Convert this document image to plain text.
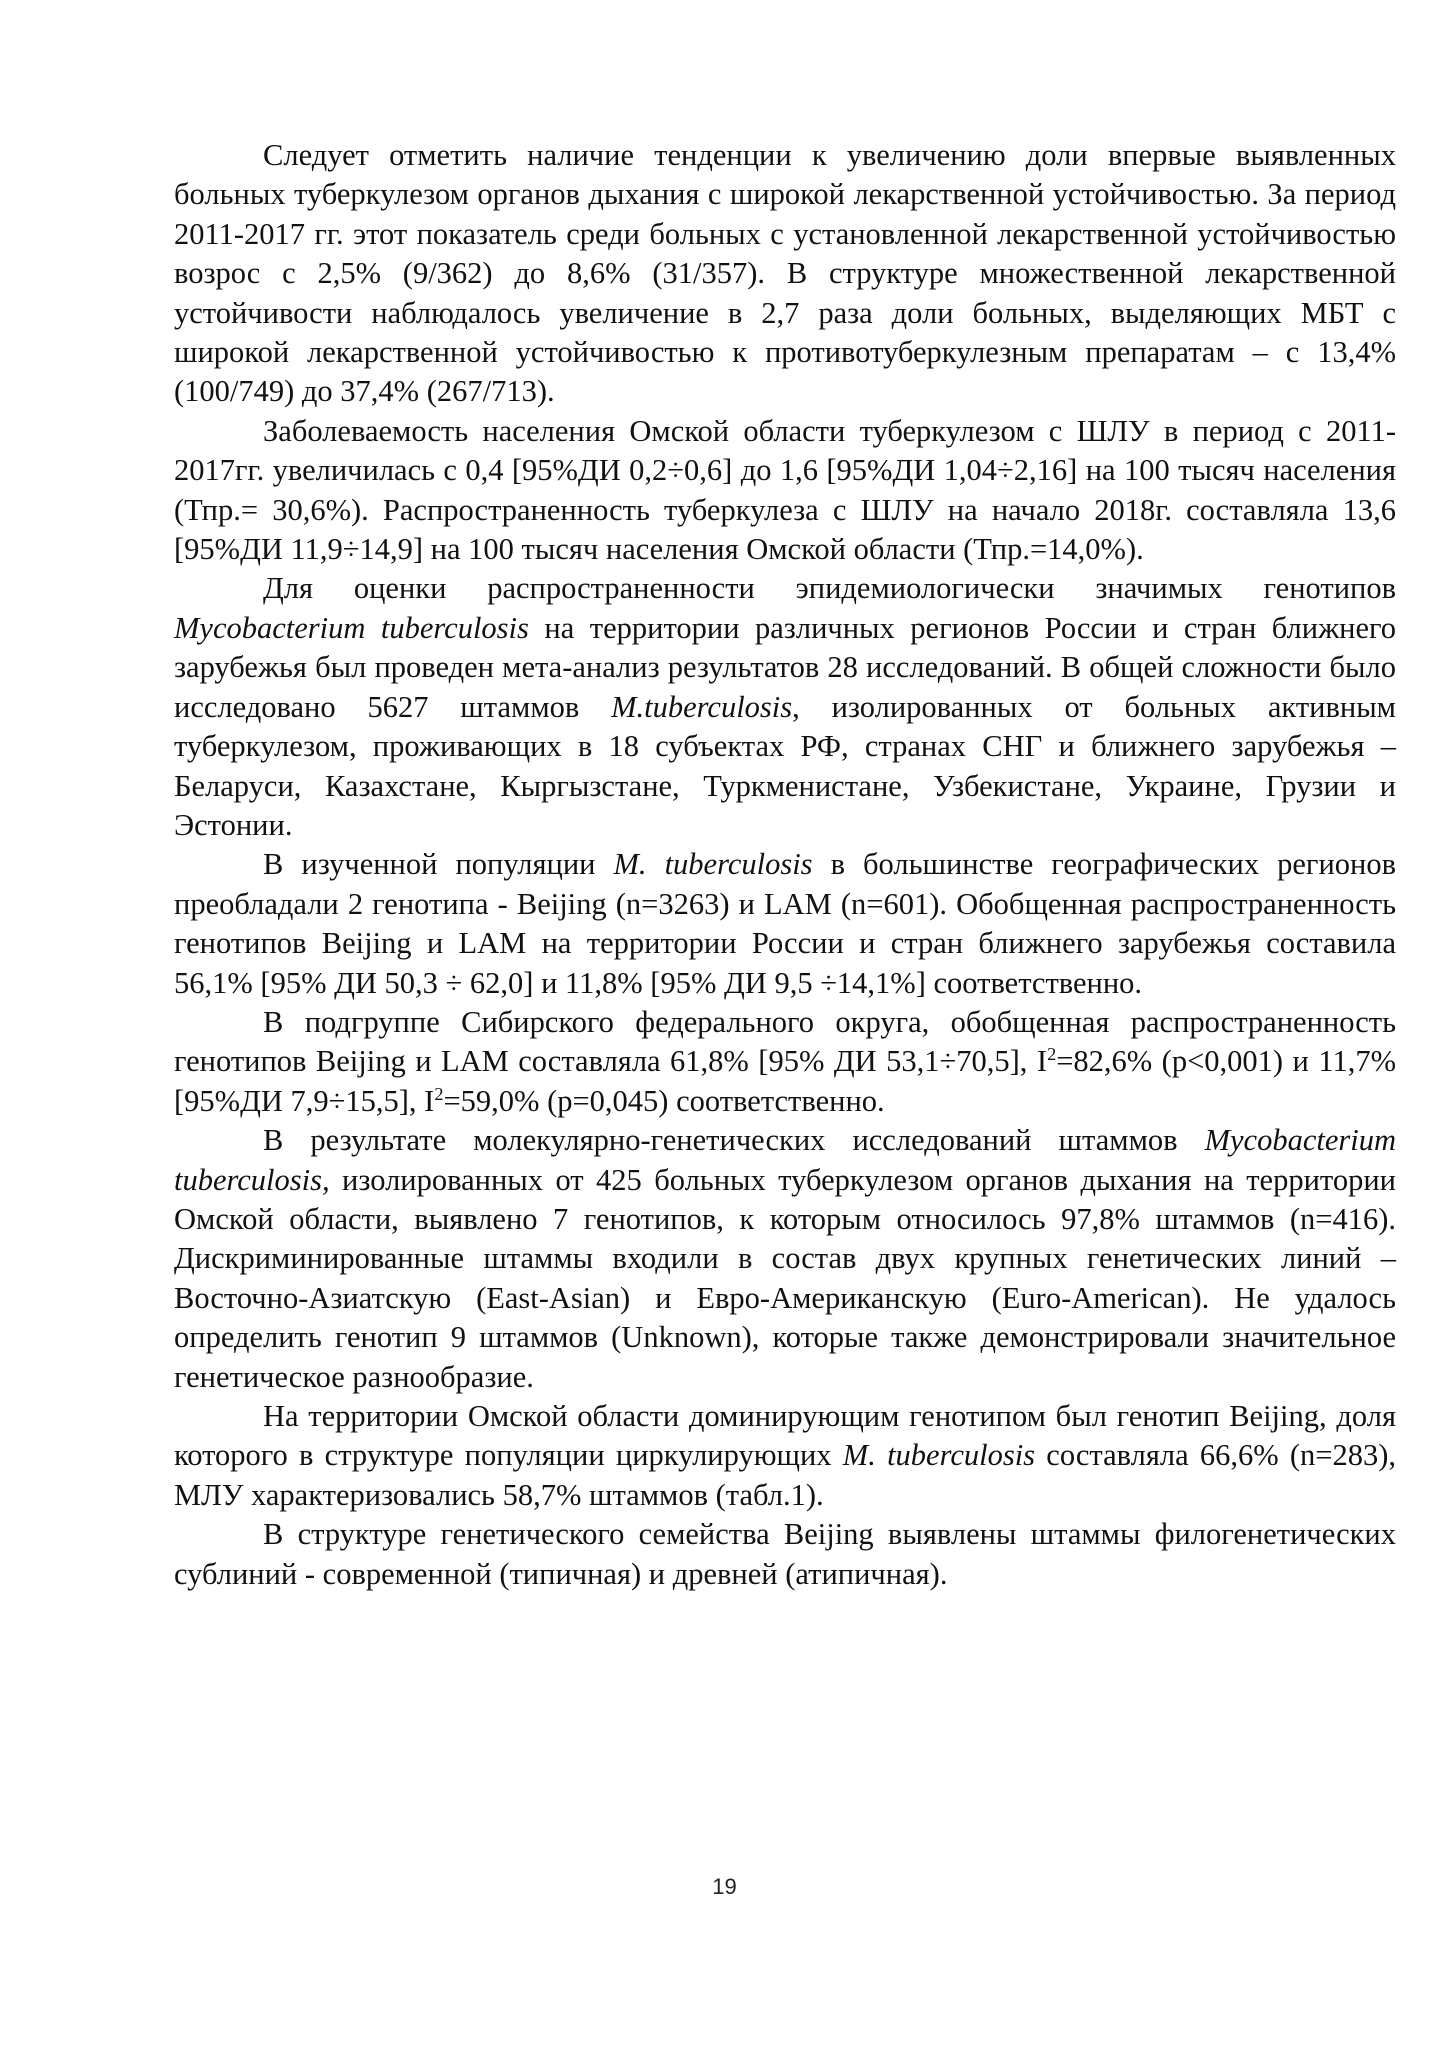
Следует отметить наличие тенденции к увеличению доли впервые выявленных больных туберкулезом органов дыхания с широкой лекарственной устойчивостью. За период 2011-2017 гг. этот показатель среди больных с установленной лекарственной устойчивостью возрос с 2,5% (9/362) до 8,6% (31/357). В структуре множественной лекарственной устойчивости наблюдалось увеличение в 2,7 раза доли больных, выделяющих МБТ с широкой лекарственной устойчивостью к противотуберкулезным препаратам – с 13,4% (100/749) до 37,4% (267/713).

Заболеваемость населения Омской области туберкулезом с ШЛУ в период с 2011-2017гг. увеличилась с 0,4 [95%ДИ 0,2÷0,6] до 1,6 [95%ДИ 1,04÷2,16] на 100 тысяч населения (Тпр.= 30,6%). Распространенность туберкулеза с ШЛУ на начало 2018г. составляла 13,6 [95%ДИ 11,9÷14,9] на 100 тысяч населения Омской области (Тпр.=14,0%).

Для оценки распространенности эпидемиологически значимых генотипов Mycobacterium tuberculosis на территории различных регионов России и стран ближнего зарубежья был проведен мета-анализ результатов 28 исследований. В общей сложности было исследовано 5627 штаммов M.tuberculosis, изолированных от больных активным туберкулезом, проживающих в 18 субъектах РФ, странах СНГ и ближнего зарубежья – Беларуси, Казахстане, Кыргызстане, Туркменистане, Узбекистане, Украине, Грузии и Эстонии.

В изученной популяции M. tuberculosis в большинстве географических регионов преобладали 2 генотипа - Beijing (n=3263) и LAM (n=601). Обобщенная распространенность генотипов Beijing и LAM на территории России и стран ближнего зарубежья составила 56,1% [95% ДИ 50,3 ÷ 62,0] и 11,8% [95% ДИ 9,5 ÷14,1%] соответственно.

В подгруппе Сибирского федерального округа, обобщенная распространенность генотипов Beijing и LAM составляла 61,8% [95% ДИ 53,1÷70,5], $I^2=82,6\%$ (p<0,001) и 11,7% [95%ДИ 7,9÷15,5], $I^2=59,0\%$ (p=0,045) соответственно.

В результате молекулярно-генетических исследований штаммов Mycobacterium tuberculosis, изолированных от 425 больных туберкулезом органов дыхания на территории Омской области, выявлено 7 генотипов, к которым относилось 97,8% штаммов (n=416). Дискриминированные штаммы входили в состав двух крупных генетических линий – Восточно-Азиатскую (East-Asian) и Евро-Американскую (Euro-American). Не удалось определить генотип 9 штаммов (Unknown), которые также демонстрировали значительное генетическое разнообразие.

На территории Омской области доминирующим генотипом был генотип Beijing, доля которого в структуре популяции циркулирующих M. tuberculosis составляла 66,6% (n=283), МЛУ характеризовались 58,7% штаммов (табл.1).

В структуре генетического семейства Beijing выявлены штаммы филогенетических сублиний - современной (типичная) и древней (атипичная).

19
